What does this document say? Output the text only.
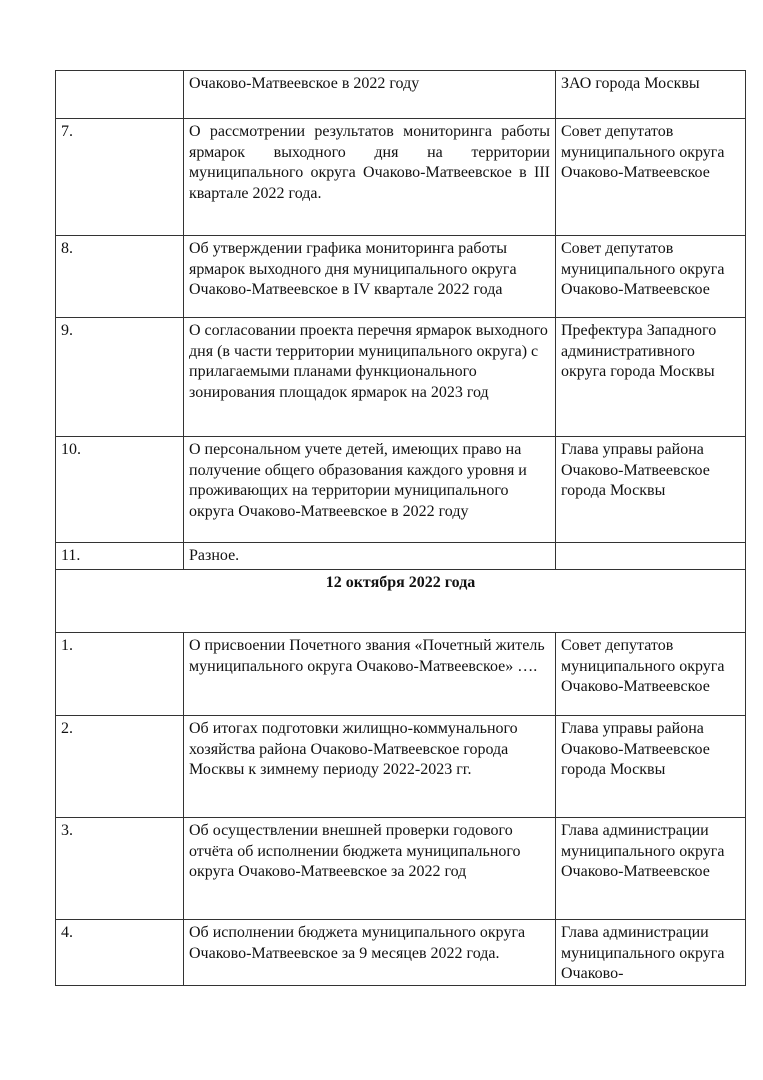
	Очаково-Матвеевское в 2022 году	ЗАО города Москвы
7.	О рассмотрении результатов мониторинга работы ярмарок выходного дня на территории муниципального округа Очаково-Матвеевское в III квартале 2022 года.	Совет депутатов муниципального округа Очаково-Матвеевское
8.	Об утверждении графика мониторинга работы ярмарок выходного дня муниципального округа Очаково-Матвеевское в IV квартале 2022 года	Совет депутатов муниципального округа Очаково-Матвеевское
9.	О согласовании проекта перечня ярмарок выходного дня (в части территории муниципального округа) с прилагаемыми планами функционального зонирования площадок ярмарок на 2023 год	Префектура Западного административного округа города Москвы
10.	О персональном учете детей, имеющих право на получение общего образования каждого уровня и проживающих на территории муниципального округа Очаково-Матвеевское в 2022 году	Глава управы района Очаково-Матвеевское города Москвы
11.	Разное.	
12 октября 2022 года		
1.	О присвоении Почетного звания «Почетный житель муниципального округа Очаково-Матвеевское» ….	Совет депутатов муниципального округа Очаково-Матвеевское
2.	Об итогах подготовки жилищно-коммунального хозяйства района Очаково-Матвеевское города Москвы к зимнему периоду 2022-2023 гг.	Глава управы района Очаково-Матвеевское города Москвы
3.	Об осуществлении внешней проверки годового отчёта об исполнении бюджета муниципального округа Очаково-Матвеевское за 2022 год	Глава администрации муниципального округа Очаково-Матвеевское
4.	Об исполнении бюджета муниципального округа Очаково-Матвеевское за 9 месяцев 2022 года.	Глава администрации муниципального округа Очаково-
